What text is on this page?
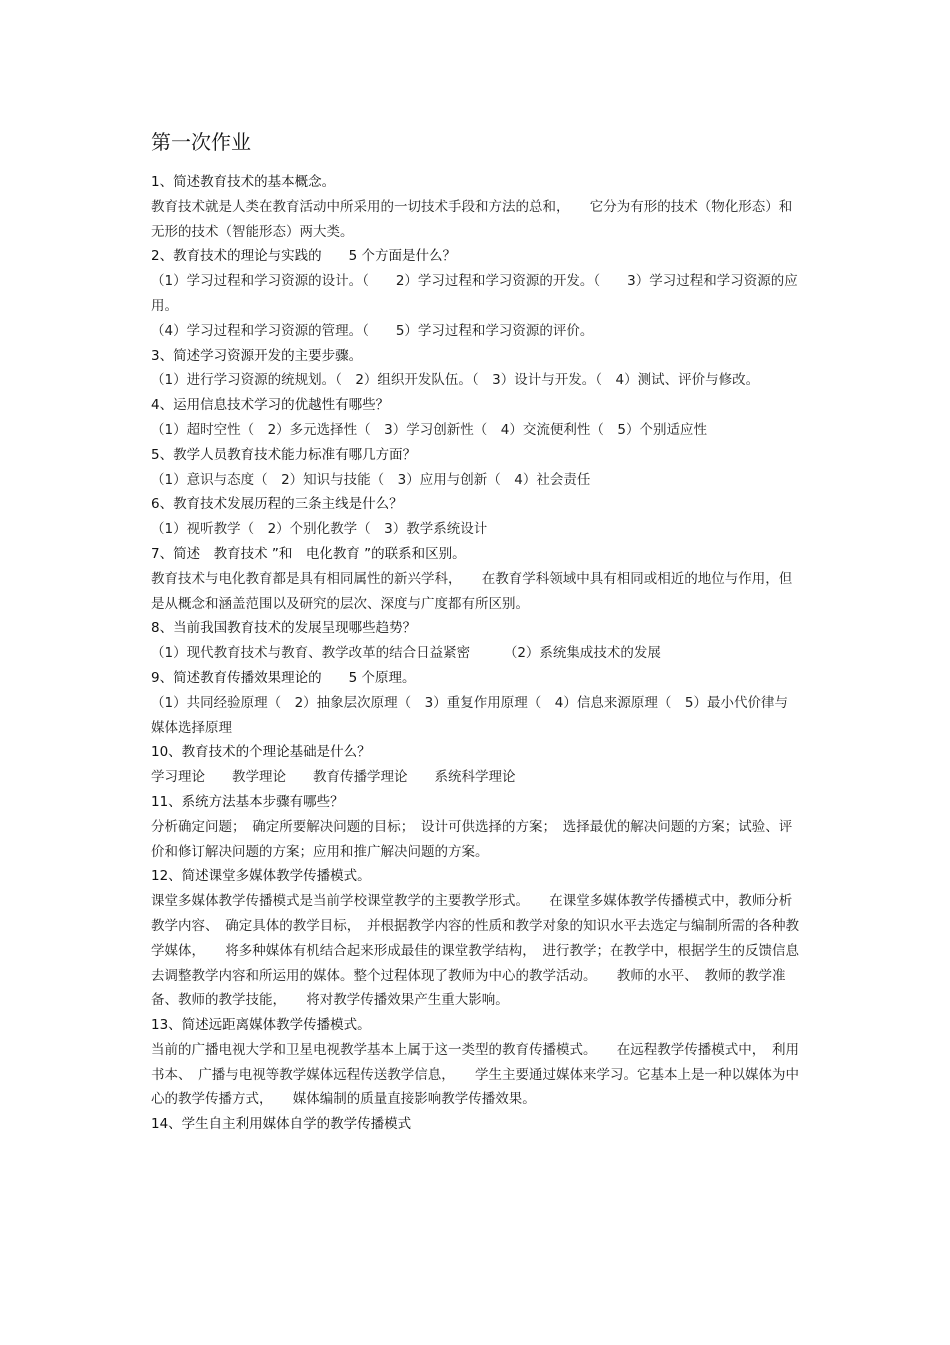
第一次作业

1、简述教育技术的基本概念。

教育技术就是人类在教育活动中所采用的一切技术手段和方法的总和，　　它分为有形的技术（物化形态）和无形的技术（智能形态）两大类。

2、教育技术的理论与实践的　　5 个方面是什么？

（1）学习过程和学习资源的设计。（　　2）学习过程和学习资源的开发。（　　3）学习过程和学习资源的应用。

（4）学习过程和学习资源的管理。（　　5）学习过程和学习资源的评价。

3、简述学习资源开发的主要步骤。

（1）进行学习资源的统规划。（　2）组织开发队伍。（　3）设计与开发。（　4）测试、评价与修改。

4、运用信息技术学习的优越性有哪些？

（1）超时空性（　2）多元选择性（　3）学习创新性（　4）交流便利性（　5）个别适应性

5、教学人员教育技术能力标准有哪几方面？

（1）意识与态度（　2）知识与技能（　3）应用与创新（　4）社会责任

6、教育技术发展历程的三条主线是什么？

（1）视听教学（　2）个别化教学（　3）教学系统设计

7、简述　教育技术 ”和　电化教育 ”的联系和区别。

教育技术与电化教育都是具有相同属性的新兴学科，　　在教育学科领域中具有相同或相近的地位与作用，但是从概念和涵盖范围以及研究的层次、深度与广度都有所区别。

8、当前我国教育技术的发展呈现哪些趋势？

（1）现代教育技术与教育、教学改革的结合日益紧密　　　（2）系统集成技术的发展

9、简述教育传播效果理论的　　5 个原理。

（1）共同经验原理（　2）抽象层次原理（　3）重复作用原理（　4）信息来源原理（　5）最小代价律与媒体选择原理

10、教育技术的个理论基础是什么？

学习理论　　教学理论　　教育传播学理论　　系统科学理论

11、系统方法基本步骤有哪些？

分析确定问题；　确定所要解决问题的目标；　设计可供选择的方案；　选择最优的解决问题的方案；试验、评价和修订解决问题的方案；应用和推广解决问题的方案。

12、简述课堂多媒体教学传播模式。

课堂多媒体教学传播模式是当前学校课堂教学的主要教学形式。　　在课堂多媒体教学传播模式中，教师分析教学内容、　确定具体的教学目标，　并根据教学内容的性质和教学对象的知识水平去选定与编制所需的各种教学媒体，　　将多种媒体有机结合起来形成最佳的课堂教学结构，　进行教学；在教学中，根据学生的反馈信息去调整教学内容和所运用的媒体。整个过程体现了教师为中心的教学活动。　　教师的水平、　教师的教学准备、教师的教学技能，　　将对教学传播效果产生重大影响。

13、简述远距离媒体教学传播模式。

当前的广播电视大学和卫星电视教学基本上属于这一类型的教育传播模式。　　在远程教学传播模式中，　利用书本、　广播与电视等教学媒体远程传送教学信息，　　学生主要通过媒体来学习。它基本上是一种以媒体为中心的教学传播方式，　　媒体编制的质量直接影响教学传播效果。

14、学生自主利用媒体自学的教学传播模式
